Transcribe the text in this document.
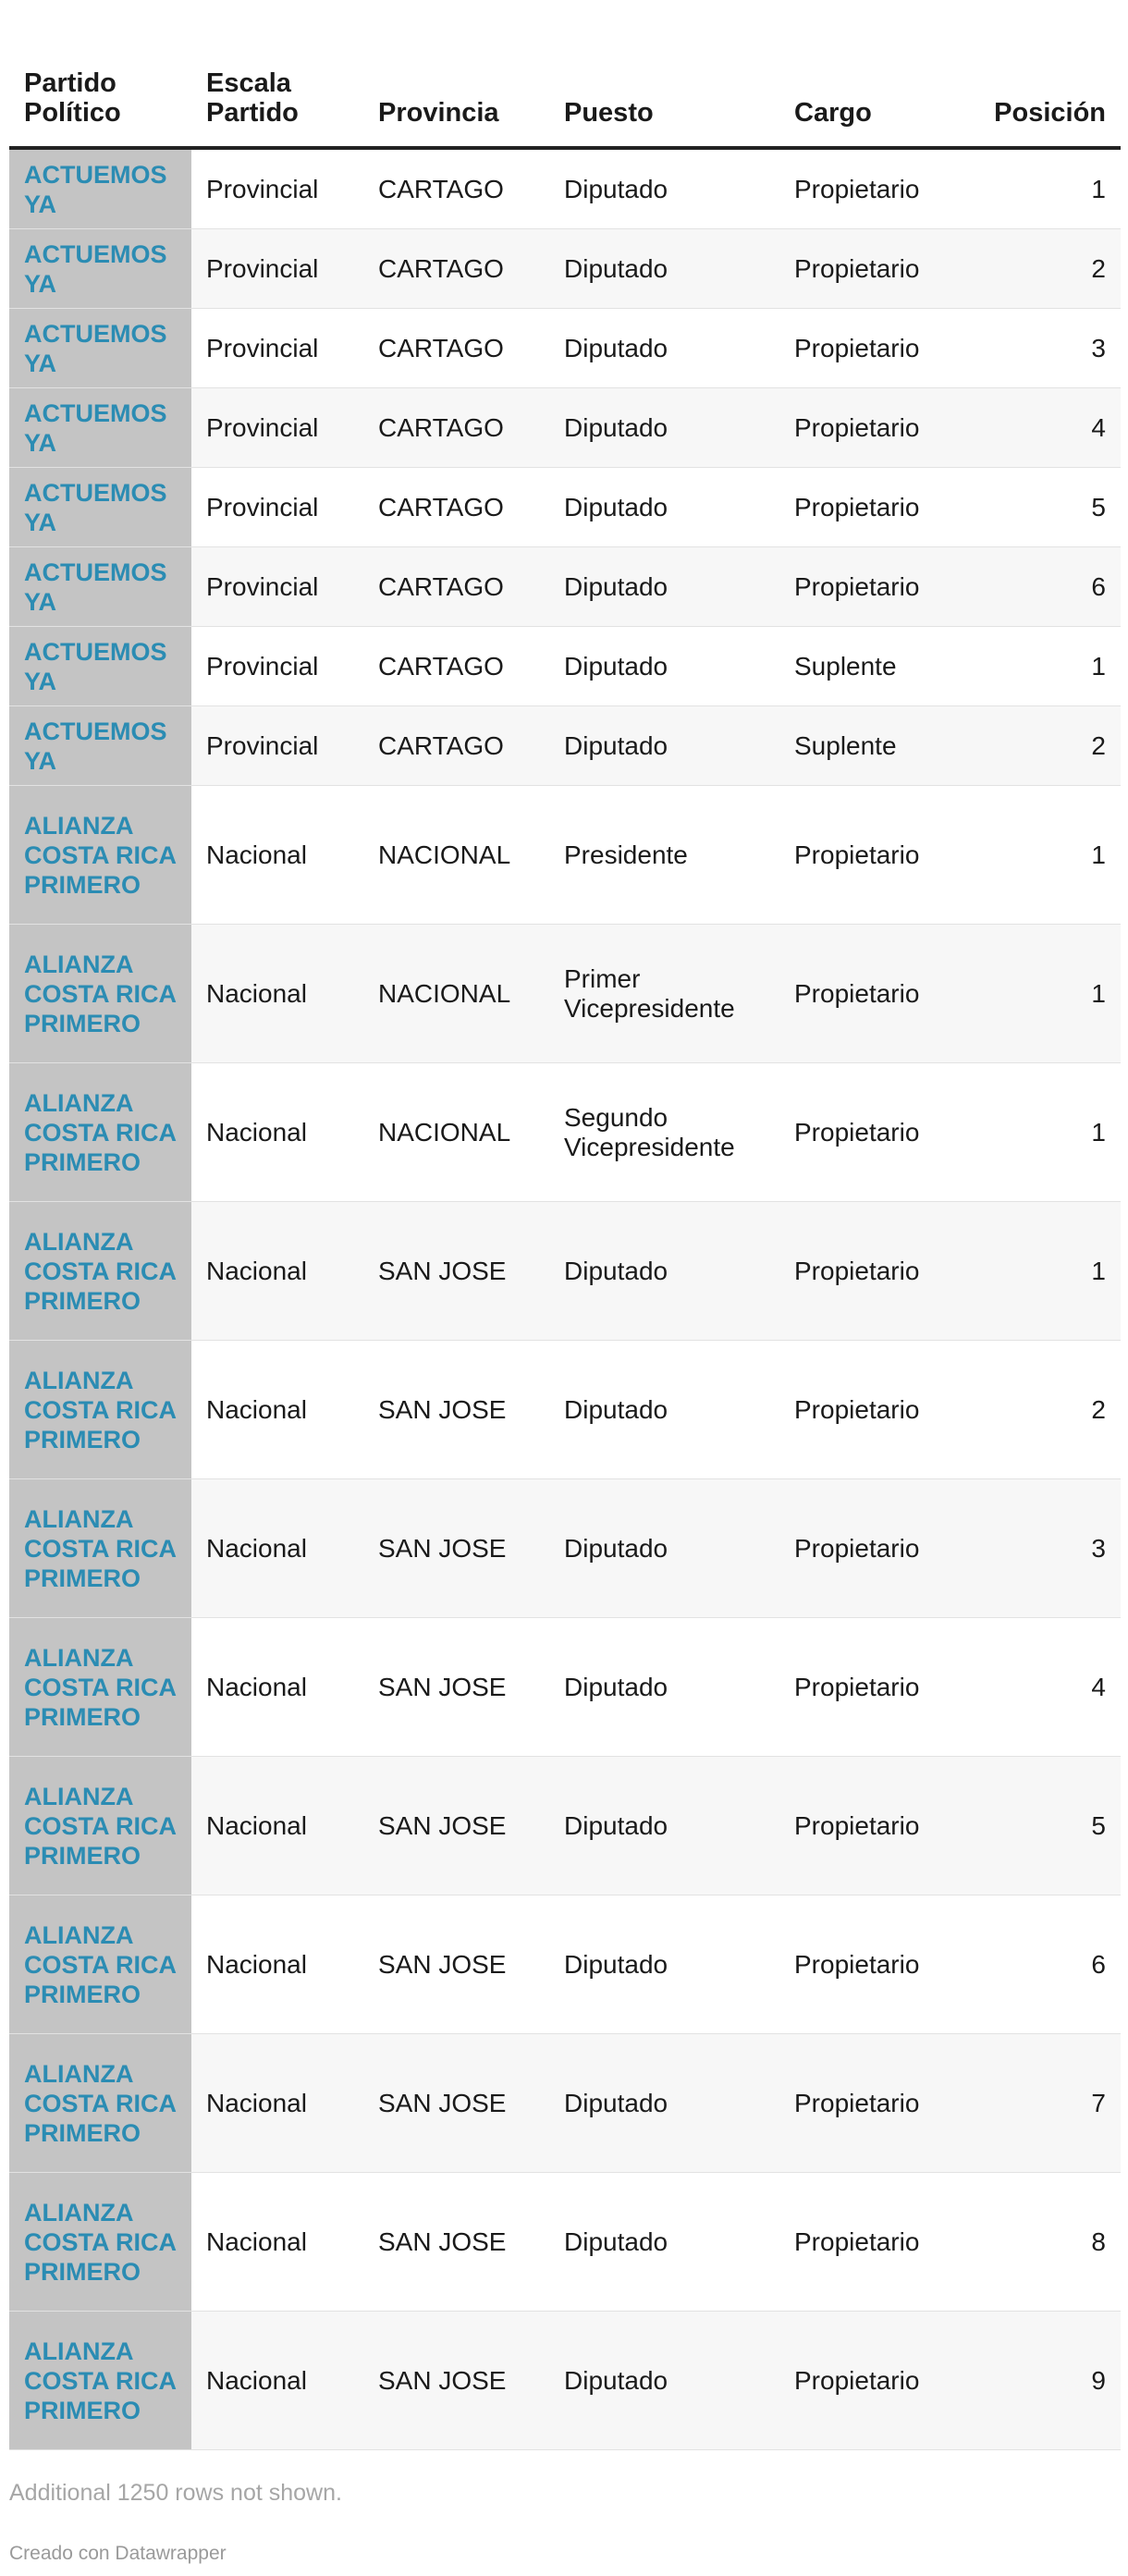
Partido Político	Escala Partido	Provincia	Puesto	Cargo	Posición
ACTUEMOS YA	Provincial	CARTAGO	Diputado	Propietario	1
ACTUEMOS YA	Provincial	CARTAGO	Diputado	Propietario	2
ACTUEMOS YA	Provincial	CARTAGO	Diputado	Propietario	3
ACTUEMOS YA	Provincial	CARTAGO	Diputado	Propietario	4
ACTUEMOS YA	Provincial	CARTAGO	Diputado	Propietario	5
ACTUEMOS YA	Provincial	CARTAGO	Diputado	Propietario	6
ACTUEMOS YA	Provincial	CARTAGO	Diputado	Suplente	1
ACTUEMOS YA	Provincial	CARTAGO	Diputado	Suplente	2
ALIANZA COSTA RICA PRIMERO	Nacional	NACIONAL	Presidente	Propietario	1
ALIANZA COSTA RICA PRIMERO	Nacional	NACIONAL	Primer Vicepresidente	Propietario	1
ALIANZA COSTA RICA PRIMERO	Nacional	NACIONAL	Segundo Vicepresidente	Propietario	1
ALIANZA COSTA RICA PRIMERO	Nacional	SAN JOSE	Diputado	Propietario	1
ALIANZA COSTA RICA PRIMERO	Nacional	SAN JOSE	Diputado	Propietario	2
ALIANZA COSTA RICA PRIMERO	Nacional	SAN JOSE	Diputado	Propietario	3
ALIANZA COSTA RICA PRIMERO	Nacional	SAN JOSE	Diputado	Propietario	4
ALIANZA COSTA RICA PRIMERO	Nacional	SAN JOSE	Diputado	Propietario	5
ALIANZA COSTA RICA PRIMERO	Nacional	SAN JOSE	Diputado	Propietario	6
ALIANZA COSTA RICA PRIMERO	Nacional	SAN JOSE	Diputado	Propietario	7
ALIANZA COSTA RICA PRIMERO	Nacional	SAN JOSE	Diputado	Propietario	8
ALIANZA COSTA RICA PRIMERO	Nacional	SAN JOSE	Diputado	Propietario	9
Additional 1250 rows not shown.
Creado con Datawrapper
